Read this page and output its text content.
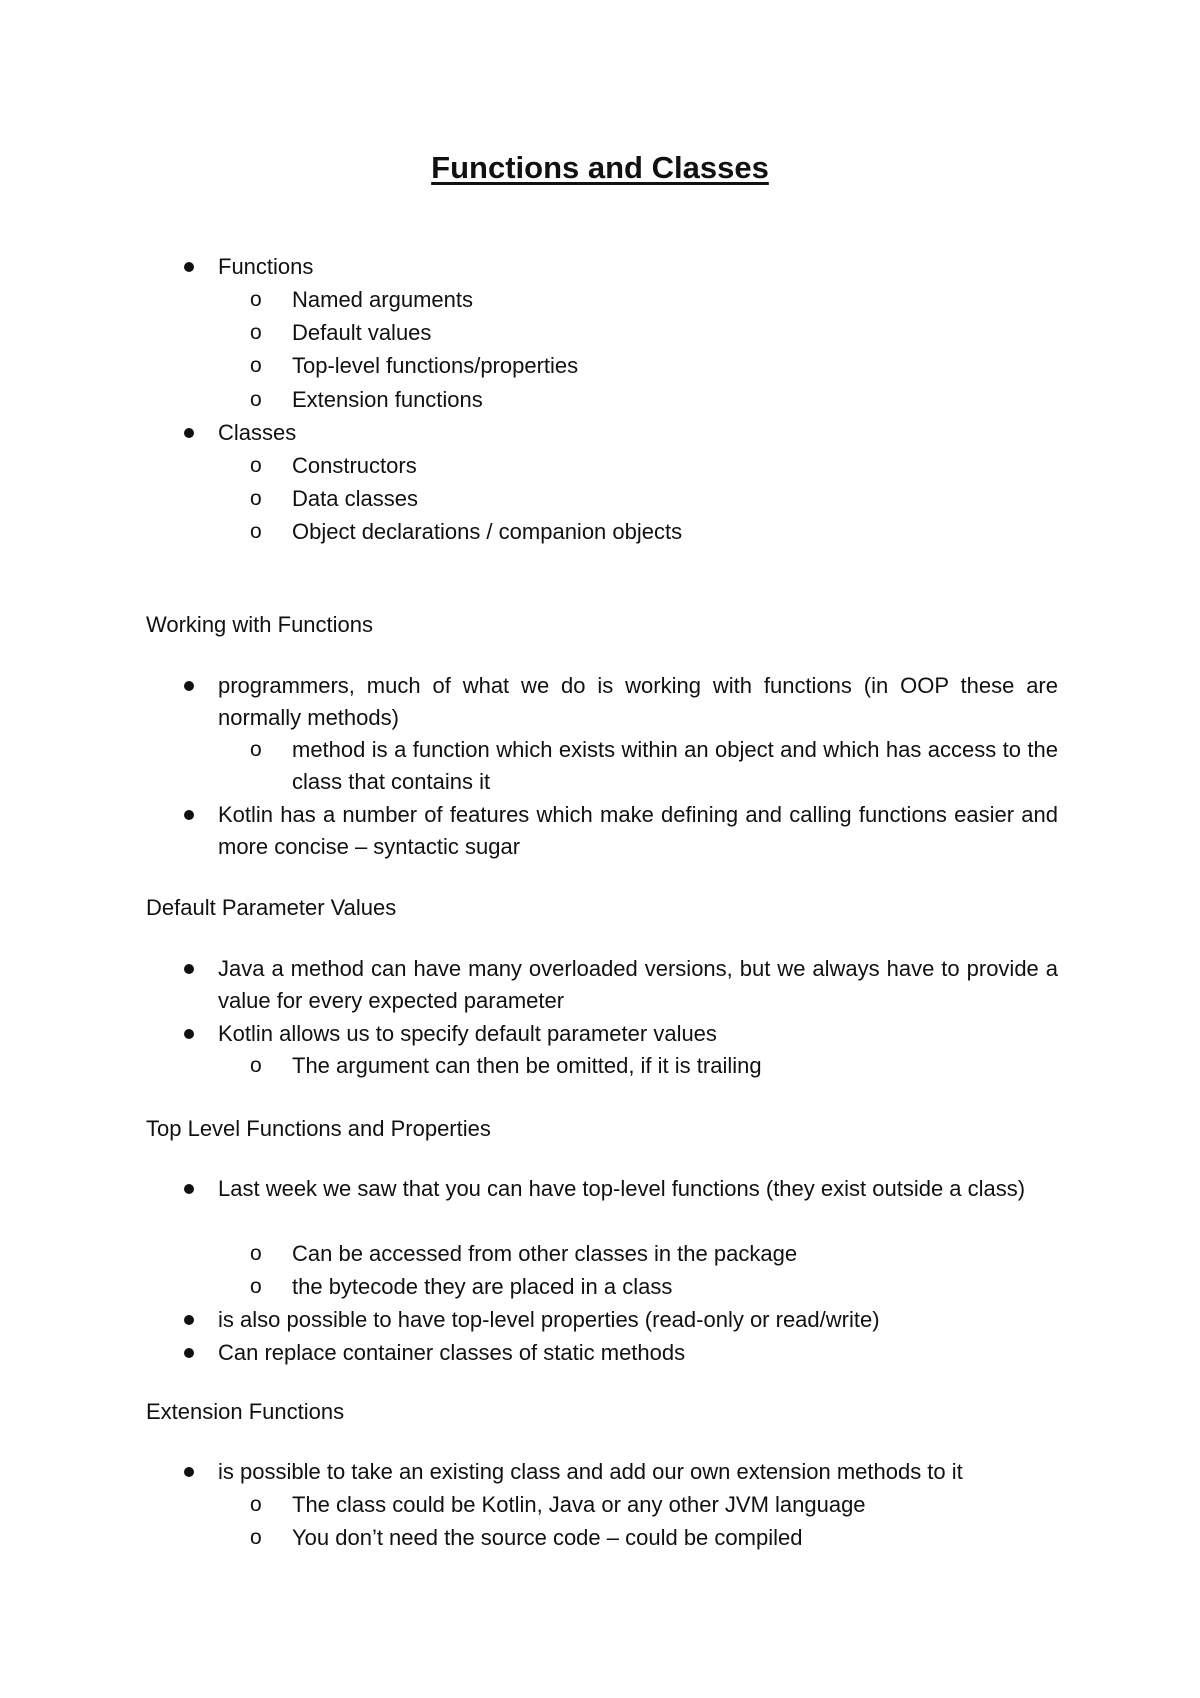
Functions and Classes
Functions
o	Named arguments
o	Default values
o	Top-level functions/properties
o	Extension functions
Classes
o	Constructors
o	Data classes
o	Object declarations / companion objects
Working with Functions
programmers, much of what we do is working with functions (in OOP these are normally methods)
o	method is a function which exists within an object and which has access to the class that contains it
Kotlin has a number of features which make defining and calling functions easier and more concise – syntactic sugar
Default Parameter Values
Java a method can have many overloaded versions, but we always have to provide a value for every expected parameter
Kotlin allows us to specify default parameter values
o	The argument can then be omitted, if it is trailing
Top Level Functions and Properties
Last week we saw that you can have top-level functions (they exist outside a class)
o	Can be accessed from other classes in the package
o	the bytecode they are placed in a class
is also possible to have top-level properties (read-only or read/write)
Can replace container classes of static methods
Extension Functions
is possible to take an existing class and add our own extension methods to it
o	The class could be Kotlin, Java or any other JVM language
o	You don’t need the source code – could be compiled
